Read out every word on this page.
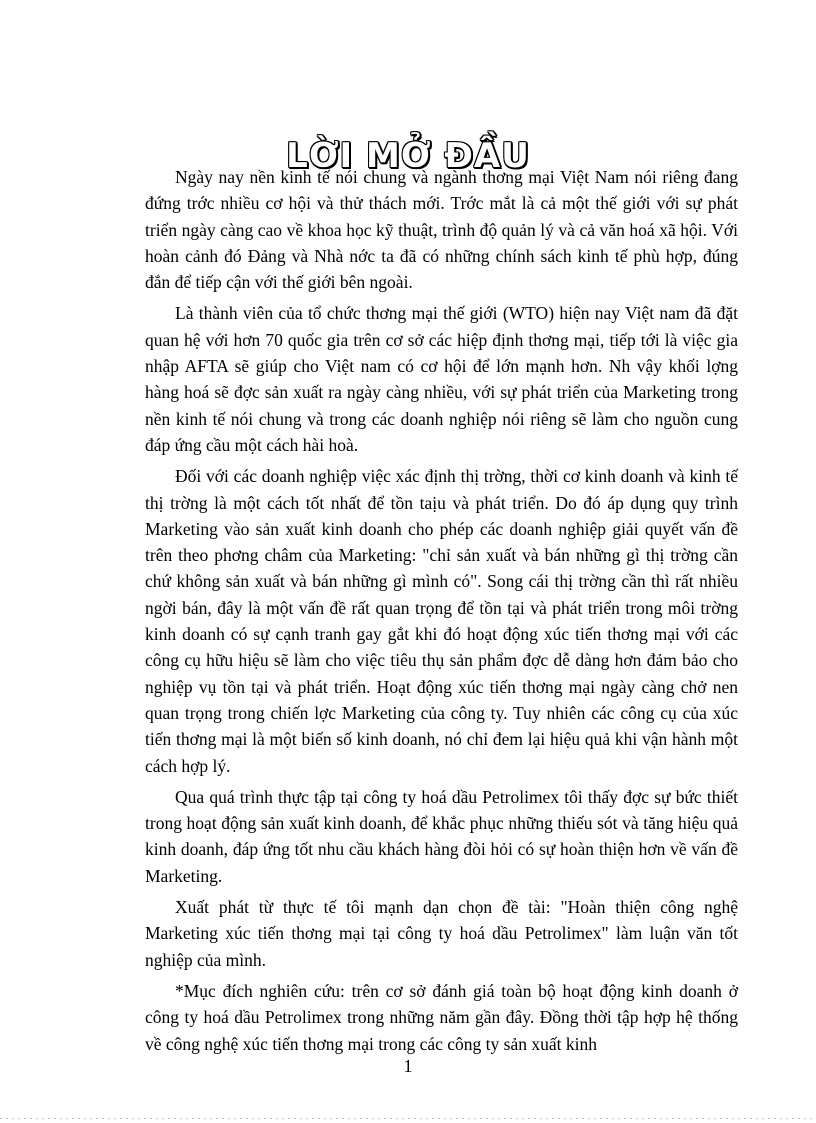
LỜI MỞ ĐẦU

Ngày nay nền kinh tế nói chung và ngành thơng mại Việt Nam nói riêng đang đứng trớc nhiều cơ hội và thử thách mới. Trớc mắt là cả một thế giới với sự phát triển ngày càng cao về khoa học kỹ thuật, trình độ quản lý và cả văn hoá xã hội. Với hoàn cảnh đó Đảng và Nhà nớc ta đã có những chính sách kinh tế phù hợp, đúng đắn để tiếp cận với thế giới bên ngoài.

Là thành viên của tổ chức thơng mại thế giới (WTO) hiện nay Việt nam đã đặt quan hệ với hơn 70 quốc gia trên cơ sở các hiệp định thơng mại, tiếp tới là việc gia nhập AFTA sẽ giúp cho Việt nam có cơ hội để lớn mạnh hơn. Nh vậy khối lợng hàng hoá sẽ đợc sản xuất ra ngày càng nhiều, với sự phát triển của Marketing trong nền kinh tế nói chung và trong các doanh nghiệp nói riêng sẽ làm cho nguồn cung đáp ứng cầu một cách hài hoà.

Đối với các doanh nghiệp việc xác định thị trờng, thời cơ kinh doanh và kinh tế thị trờng là một cách tốt nhất để tồn taịu và phát triển. Do đó áp dụng quy trình Marketing vào sản xuất kinh doanh cho phép các doanh nghiệp giải quyết vấn đề trên theo phơng châm của Marketing: "chỉ sản xuất và bán những gì thị trờng cần chứ không sản xuất và bán những gì mình có". Song cái thị trờng cần thì rất nhiều ngời bán, đây là một vấn đề rất quan trọng để tồn tại và phát triển trong môi trờng kinh doanh có sự cạnh tranh gay gắt khi đó hoạt động xúc tiến thơng mại với các công cụ hữu hiệu sẽ làm cho việc tiêu thụ sản phẩm đợc dễ dàng hơn đảm bảo cho nghiệp vụ tồn tại và phát triển. Hoạt động xúc tiến thơng mại ngày càng chở nen quan trọng trong chiến lợc Marketing của công ty. Tuy nhiên các công cụ của xúc tiến thơng mại là một biến số kinh doanh, nó chỉ đem lại hiệu quả khi vận hành một cách hợp lý.

Qua quá trình thực tập tại công ty hoá dầu Petrolimex tôi thấy đợc sự bức thiết trong hoạt động sản xuất kinh doanh, để khắc phục những thiếu sót và tăng hiệu quả kinh doanh, đáp ứng tốt nhu cầu khách hàng đòi hỏi có sự hoàn thiện hơn về vấn đề Marketing.

Xuất phát từ thực tế tôi mạnh dạn chọn đề tài: "Hoàn thiện công nghệ Marketing xúc tiến thơng mại tại công ty hoá dầu Petrolimex" làm luận văn tốt nghiệp của mình.

*Mục đích nghiên cứu: trên cơ sở đánh giá toàn bộ hoạt động kinh doanh ở công ty hoá dầu Petrolimex trong những năm gần đây. Đồng thời tập hợp hệ thống về công nghệ xúc tiến thơng mại trong các công ty sản xuất kinh

1
